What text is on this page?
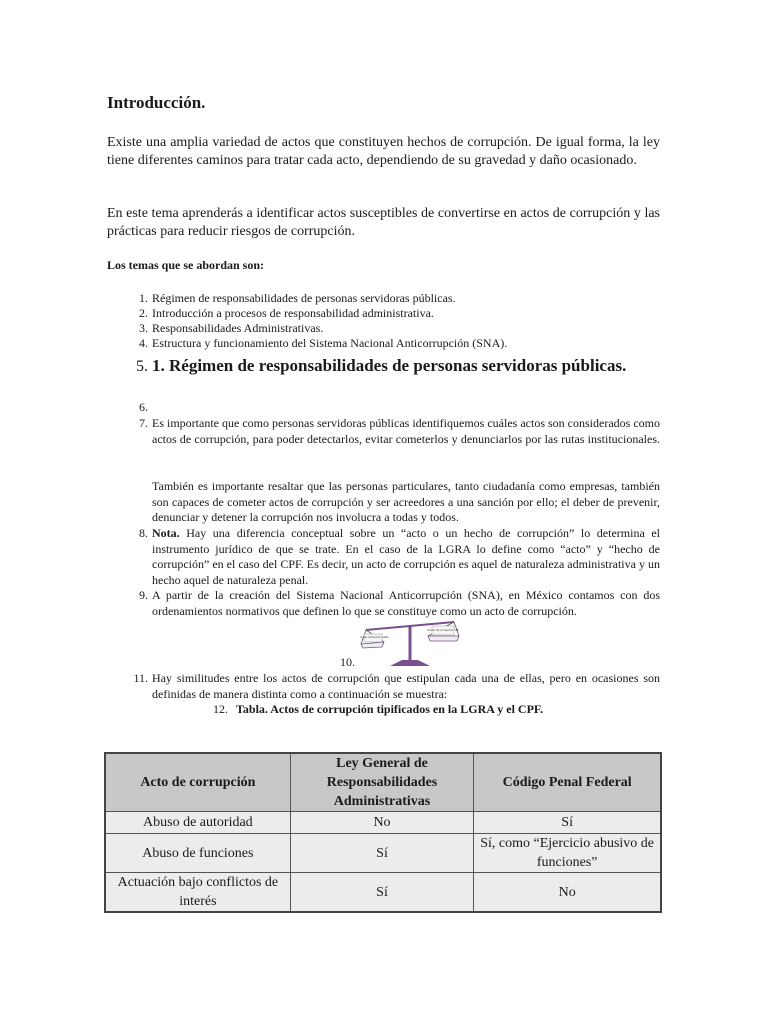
Introducción.

Existe una amplia variedad de actos que constituyen hechos de corrupción. De igual forma, la ley tiene diferentes caminos para tratar cada acto, dependiendo de su gravedad y daño ocasionado.

En este tema aprenderás a identificar actos susceptibles de convertirse en actos de corrupción y las prácticas para reducir riesgos de corrupción.

Los temas que se abordan son:

1. Régimen de responsabilidades de personas servidoras públicas.
2. Introducción a procesos de responsabilidad administrativa.
3. Responsabilidades Administrativas.
4. Estructura y funcionamiento del Sistema Nacional Anticorrupción (SNA).
5. 1. Régimen de responsabilidades de personas servidoras públicas.
6.
7. Es importante que como personas servidoras públicas identifiquemos cuáles actos son considerados como actos de corrupción, para poder detectarlos, evitar cometerlos y denunciarlos por las rutas institucionales.
También es importante resaltar que las personas particulares, tanto ciudadanía como empresas, también son capaces de cometer actos de corrupción y ser acreedores a una sanción por ello; el deber de prevenir, denunciar y detener la corrupción nos involucra a todas y todos.
8. Nota. Hay una diferencia conceptual sobre un “acto o un hecho de corrupción” lo determina el instrumento jurídico de que se trate. En el caso de la LGRA lo define como “acto” y “hecho de corrupción” en el caso del CPF. Es decir, un acto de corrupción es aquel de naturaleza administrativa y un hecho aquel de naturaleza penal.
9. A partir de la creación del Sistema Nacional Anticorrupción (SNA), en México contamos con dos ordenamientos normativos que definen lo que se constituye como un acto de corrupción.
10.
Acto de corrupción LGRA
Hecho de corrupción CPF
11. Hay similitudes entre los actos de corrupción que estipulan cada una de ellas, pero en ocasiones son definidas de manera distinta como a continuación se muestra:
12. Tabla. Actos de corrupción tipificados en la LGRA y el CPF.
Acto de corrupción	Ley General de Responsabilidades Administrativas	Código Penal Federal
Abuso de autoridad	No	Sí
Abuso de funciones	Sí	Sí, como “Ejercicio abusivo de funciones”
Actuación bajo conflictos de interés	Sí	No
